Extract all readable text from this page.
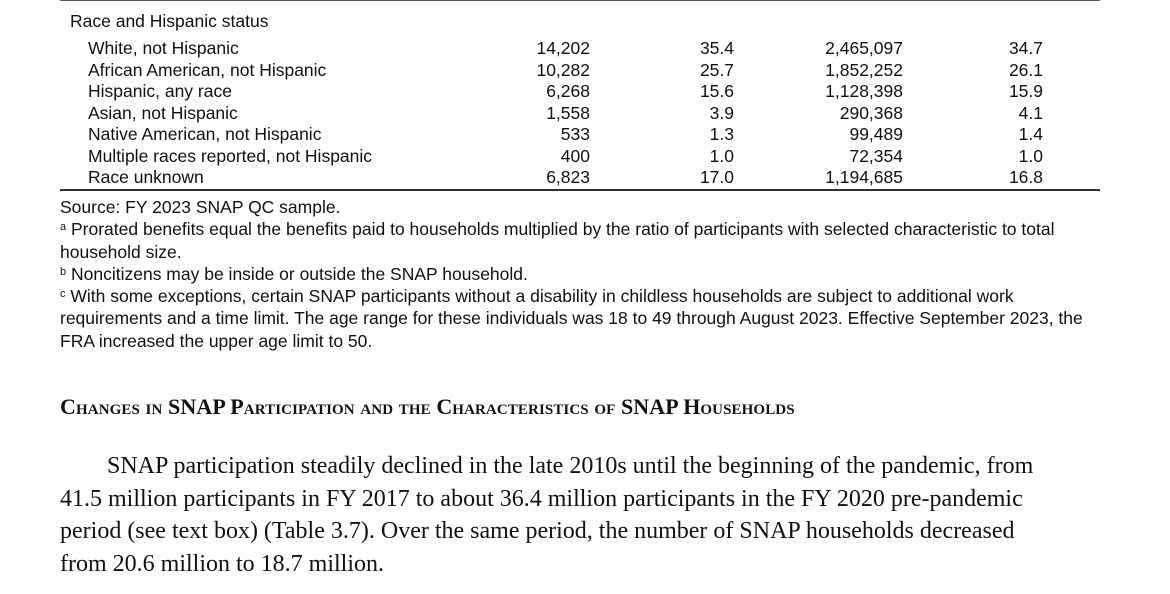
Race and Hispanic status
White, not Hispanic	14,202	35.4	2,465,097	34.7
African American, not Hispanic	10,282	25.7	1,852,252	26.1
Hispanic, any race	6,268	15.6	1,128,398	15.9
Asian, not Hispanic	1,558	3.9	290,368	4.1
Native American, not Hispanic	533	1.3	99,489	1.4
Multiple races reported, not Hispanic	400	1.0	72,354	1.0
Race unknown	6,823	17.0	1,194,685	16.8

Source: FY 2023 SNAP QC sample.

$^a$ Prorated benefits equal the benefits paid to households multiplied by the ratio of participants with selected characteristic to total household size.

$^b$ Noncitizens may be inside or outside the SNAP household.

$^c$ With some exceptions, certain SNAP participants without a disability in childless households are subject to additional work requirements and a time limit. The age range for these individuals was 18 to 49 through August 2023. Effective September 2023, the FRA increased the upper age limit to 50.

Changes in SNAP Participation and the Characteristics of SNAP Households

SNAP participation steadily declined in the late 2010s until the beginning of the pandemic, from 41.5 million participants in FY 2017 to about 36.4 million participants in the FY 2020 pre-pandemic period (see text box) (Table 3.7). Over the same period, the number of SNAP households decreased from 20.6 million to 18.7 million.
